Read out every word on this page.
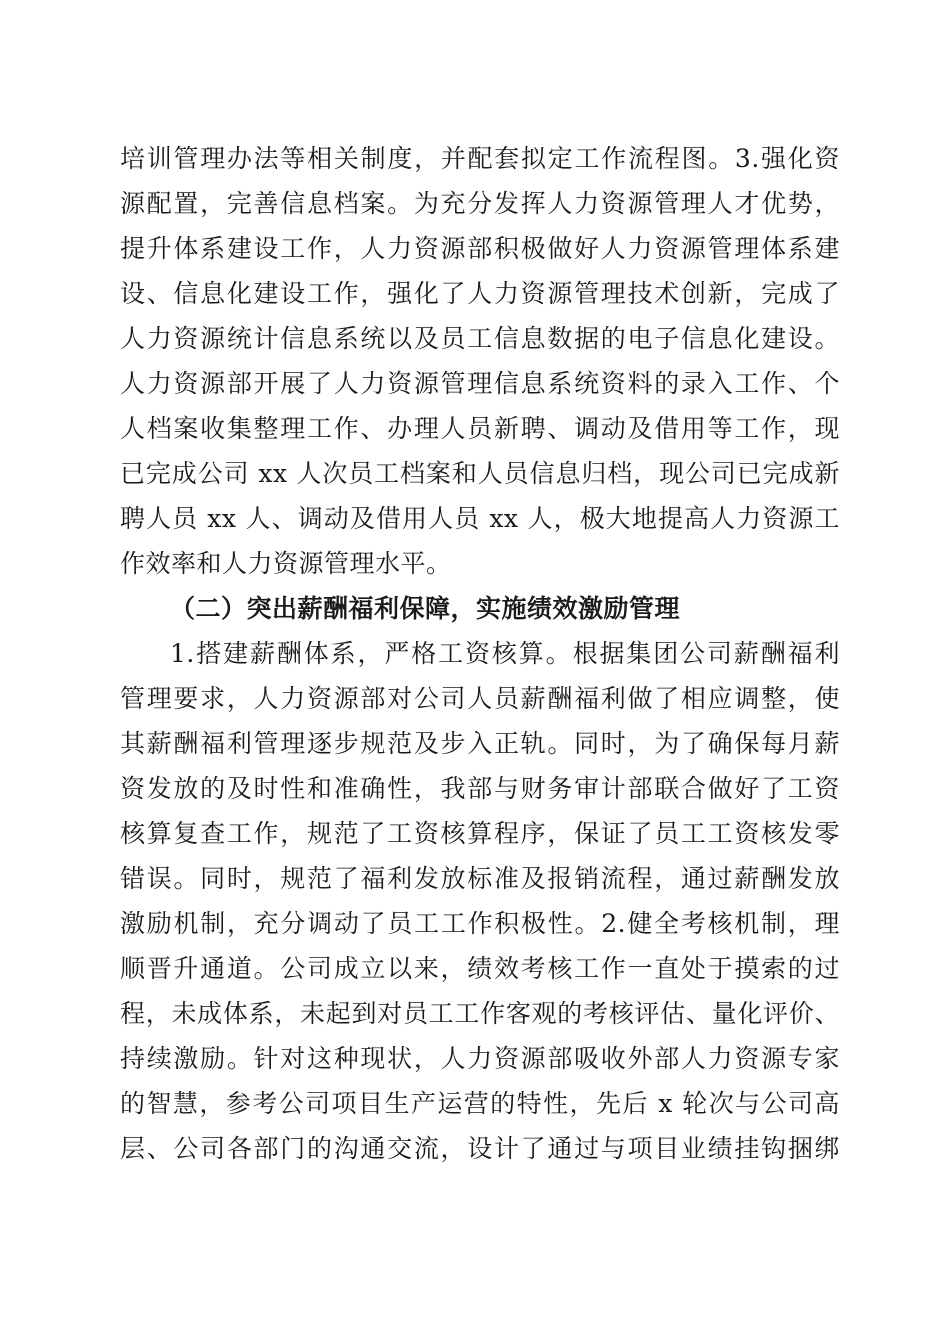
培训管理办法等相关制度，并配套拟定工作流程图。3.强化资
源配置，完善信息档案。为充分发挥人力资源管理人才优势，
提升体系建设工作，人力资源部积极做好人力资源管理体系建
设、信息化建设工作，强化了人力资源管理技术创新，完成了
人力资源统计信息系统以及员工信息数据的电子信息化建设。
人力资源部开展了人力资源管理信息系统资料的录入工作、个
人档案收集整理工作、办理人员新聘、调动及借用等工作，现
已完成公司 xx 人次员工档案和人员信息归档，现公司已完成新
聘人员 xx 人、调动及借用人员 xx 人，极大地提高人力资源工
作效率和人力资源管理水平。
（二）突出薪酬福利保障，实施绩效激励管理
1.搭建薪酬体系，严格工资核算。根据集团公司薪酬福利
管理要求，人力资源部对公司人员薪酬福利做了相应调整，使
其薪酬福利管理逐步规范及步入正轨。同时，为了确保每月薪
资发放的及时性和准确性，我部与财务审计部联合做好了工资
核算复查工作，规范了工资核算程序，保证了员工工资核发零
错误。同时，规范了福利发放标准及报销流程，通过薪酬发放
激励机制，充分调动了员工工作积极性。2.健全考核机制，理
顺晋升通道。公司成立以来，绩效考核工作一直处于摸索的过
程，未成体系，未起到对员工工作客观的考核评估、量化评价、
持续激励。针对这种现状，人力资源部吸收外部人力资源专家
的智慧，参考公司项目生产运营的特性，先后 x 轮次与公司高
层、公司各部门的沟通交流，设计了通过与项目业绩挂钩捆绑
